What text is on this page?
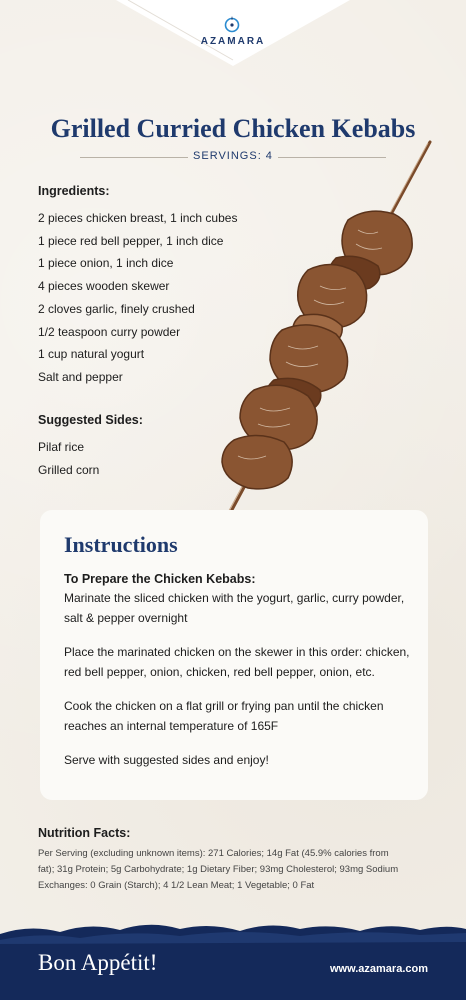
AZAMARA
Grilled Curried Chicken Kebabs
SERVINGS: 4
Ingredients:
2 pieces chicken breast, 1 inch cubes
1 piece red bell pepper, 1 inch dice
1 piece onion, 1 inch dice
4 pieces wooden skewer
2 cloves garlic, finely crushed
1/2 teaspoon curry powder
1 cup natural yogurt
Salt and pepper
Suggested Sides:
Pilaf rice
Grilled corn
Instructions
To Prepare the Chicken Kebabs:

Marinate the sliced chicken with the yogurt, garlic, curry powder, salt & pepper overnight

Place the marinated chicken on the skewer in this order: chicken, red bell pepper, onion, chicken, red bell pepper, onion, etc.

Cook the chicken on a flat grill or frying pan until the chicken reaches an internal temperature of 165F

Serve with suggested sides and enjoy!

Nutrition Facts:
Per Serving (excluding unknown items): 271 Calories; 14g Fat (45.9% calories from
fat); 31g Protein; 5g Carbohydrate; 1g Dietary Fiber; 93mg Cholesterol; 93mg Sodium
Exchanges: 0 Grain (Starch); 4 1/2 Lean Meat; 1 Vegetable; 0 Fat
Bon Appétit!	www.azamara.com
